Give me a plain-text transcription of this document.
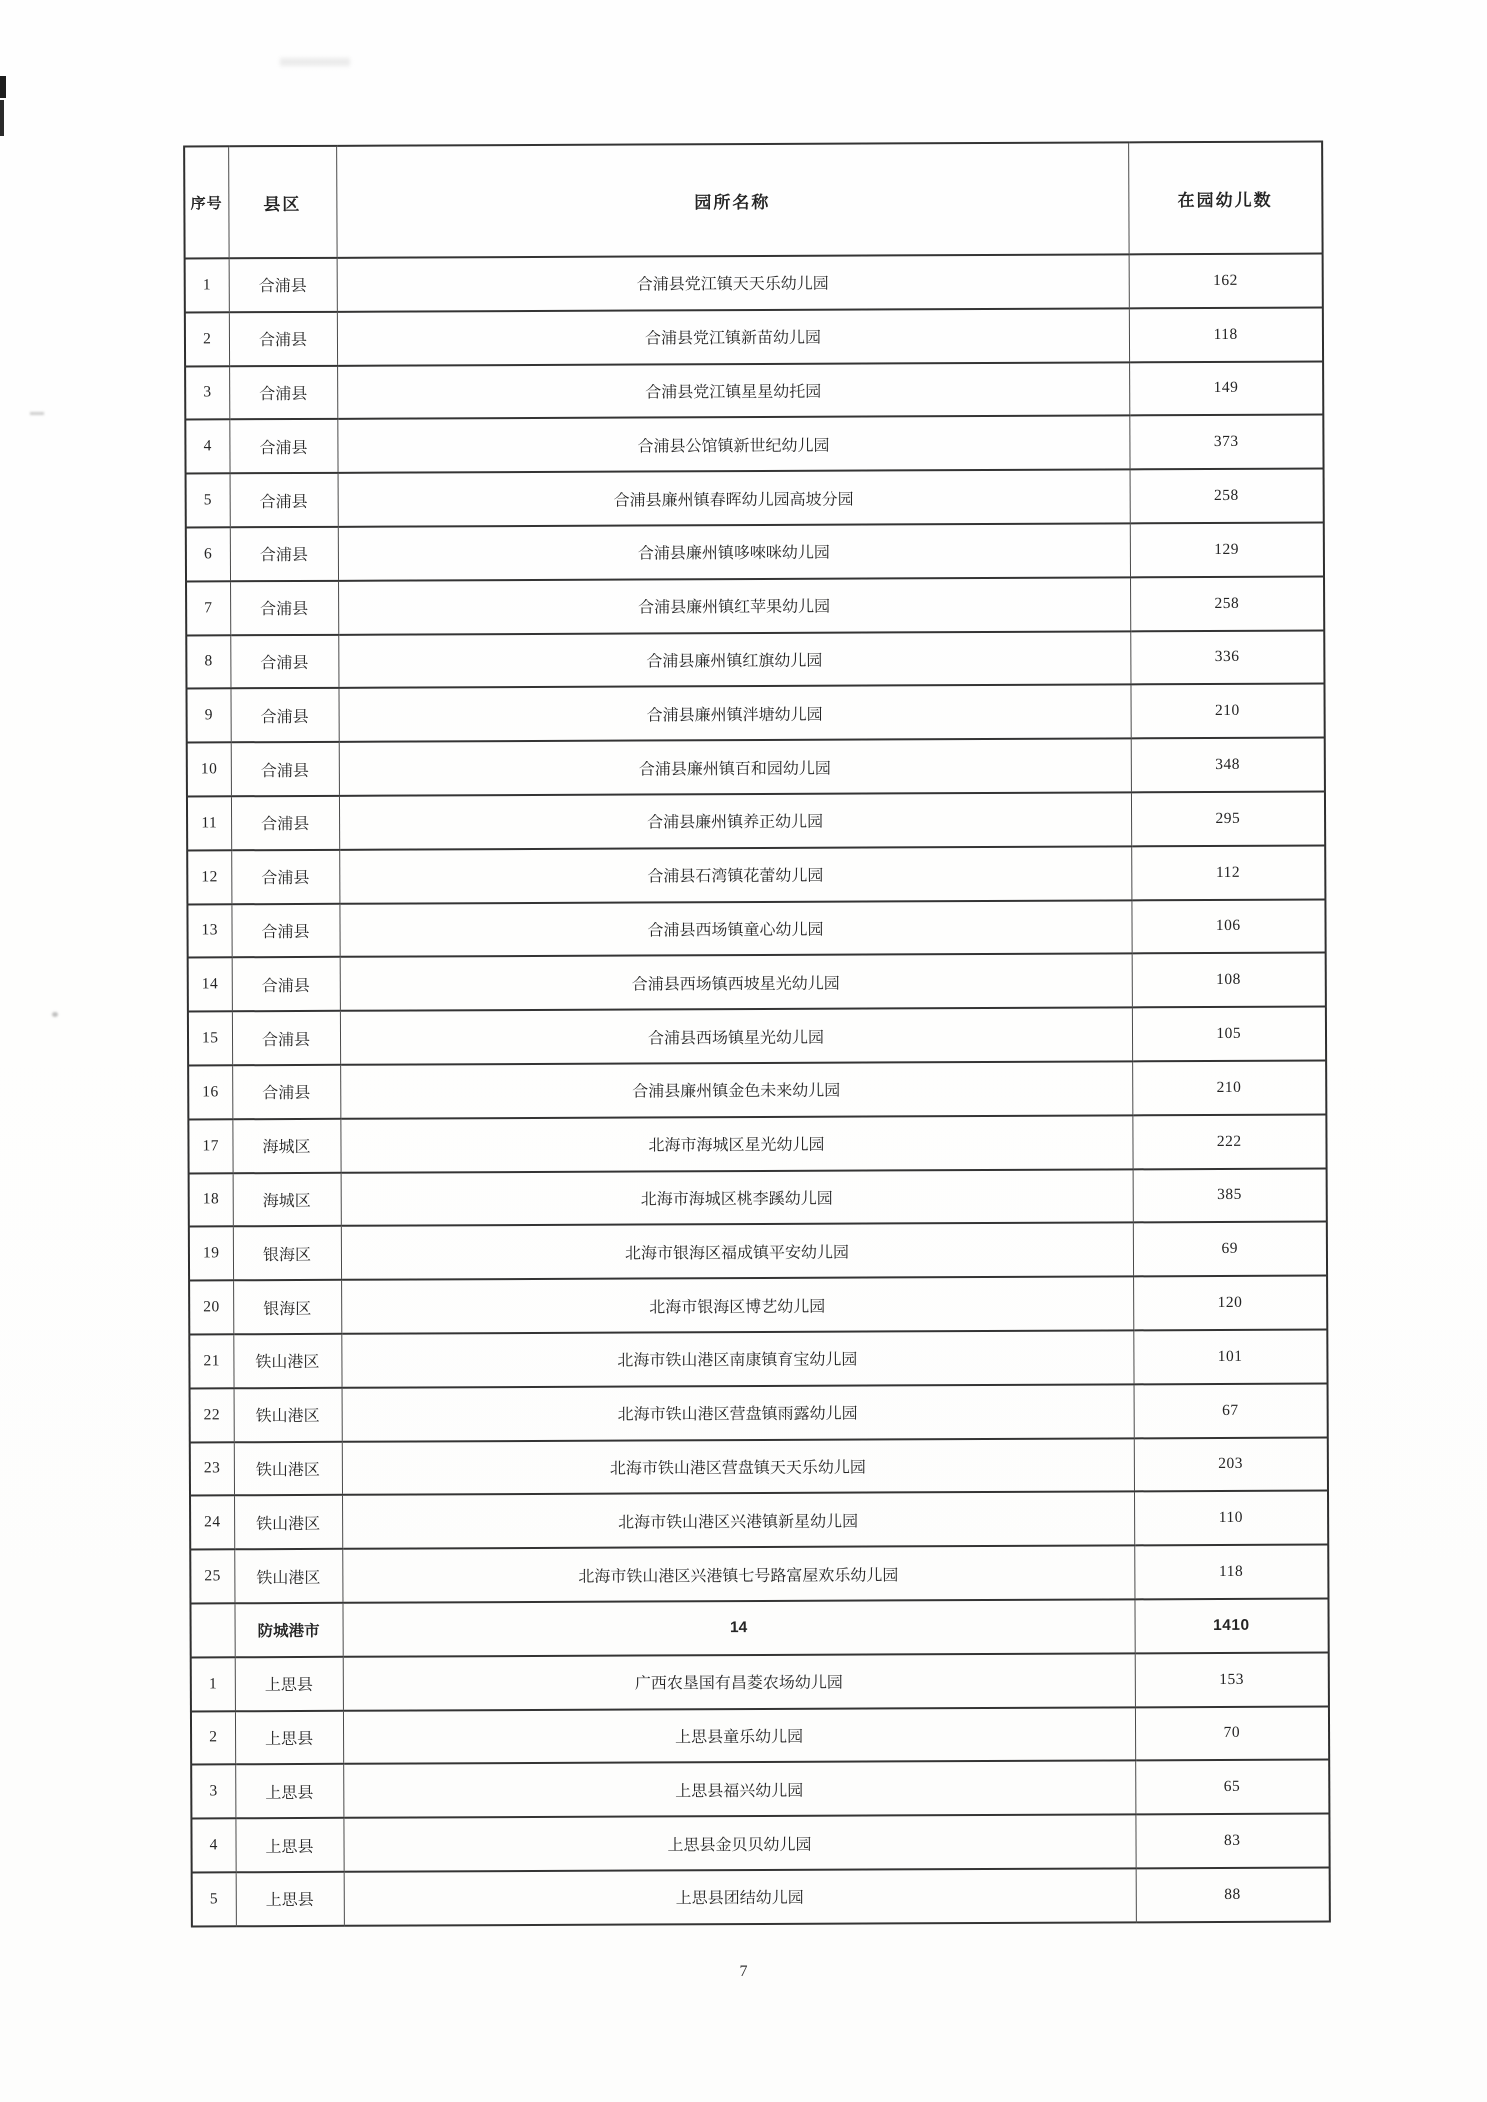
序号	县区	园所名称	在园幼儿数
1	合浦县	合浦县党江镇天天乐幼儿园	162
2	合浦县	合浦县党江镇新苗幼儿园	118
3	合浦县	合浦县党江镇星星幼托园	149
4	合浦县	合浦县公馆镇新世纪幼儿园	373
5	合浦县	合浦县廉州镇春晖幼儿园高坡分园	258
6	合浦县	合浦县廉州镇哆唻咪幼儿园	129
7	合浦县	合浦县廉州镇红苹果幼儿园	258
8	合浦县	合浦县廉州镇红旗幼儿园	336
9	合浦县	合浦县廉州镇泮塘幼儿园	210
10	合浦县	合浦县廉州镇百和园幼儿园	348
11	合浦县	合浦县廉州镇养正幼儿园	295
12	合浦县	合浦县石湾镇花蕾幼儿园	112
13	合浦县	合浦县西场镇童心幼儿园	106
14	合浦县	合浦县西场镇西坡星光幼儿园	108
15	合浦县	合浦县西场镇星光幼儿园	105
16	合浦县	合浦县廉州镇金色未来幼儿园	210
17	海城区	北海市海城区星光幼儿园	222
18	海城区	北海市海城区桃李蹊幼儿园	385
19	银海区	北海市银海区福成镇平安幼儿园	69
20	银海区	北海市银海区博艺幼儿园	120
21	铁山港区	北海市铁山港区南康镇育宝幼儿园	101
22	铁山港区	北海市铁山港区营盘镇雨露幼儿园	67
23	铁山港区	北海市铁山港区营盘镇天天乐幼儿园	203
24	铁山港区	北海市铁山港区兴港镇新星幼儿园	110
25	铁山港区	北海市铁山港区兴港镇七号路富屋欢乐幼儿园	118
	防城港市	14	1410
1	上思县	广西农垦国有昌菱农场幼儿园	153
2	上思县	上思县童乐幼儿园	70
3	上思县	上思县福兴幼儿园	65
4	上思县	上思县金贝贝幼儿园	83
5	上思县	上思县团结幼儿园	88
7
